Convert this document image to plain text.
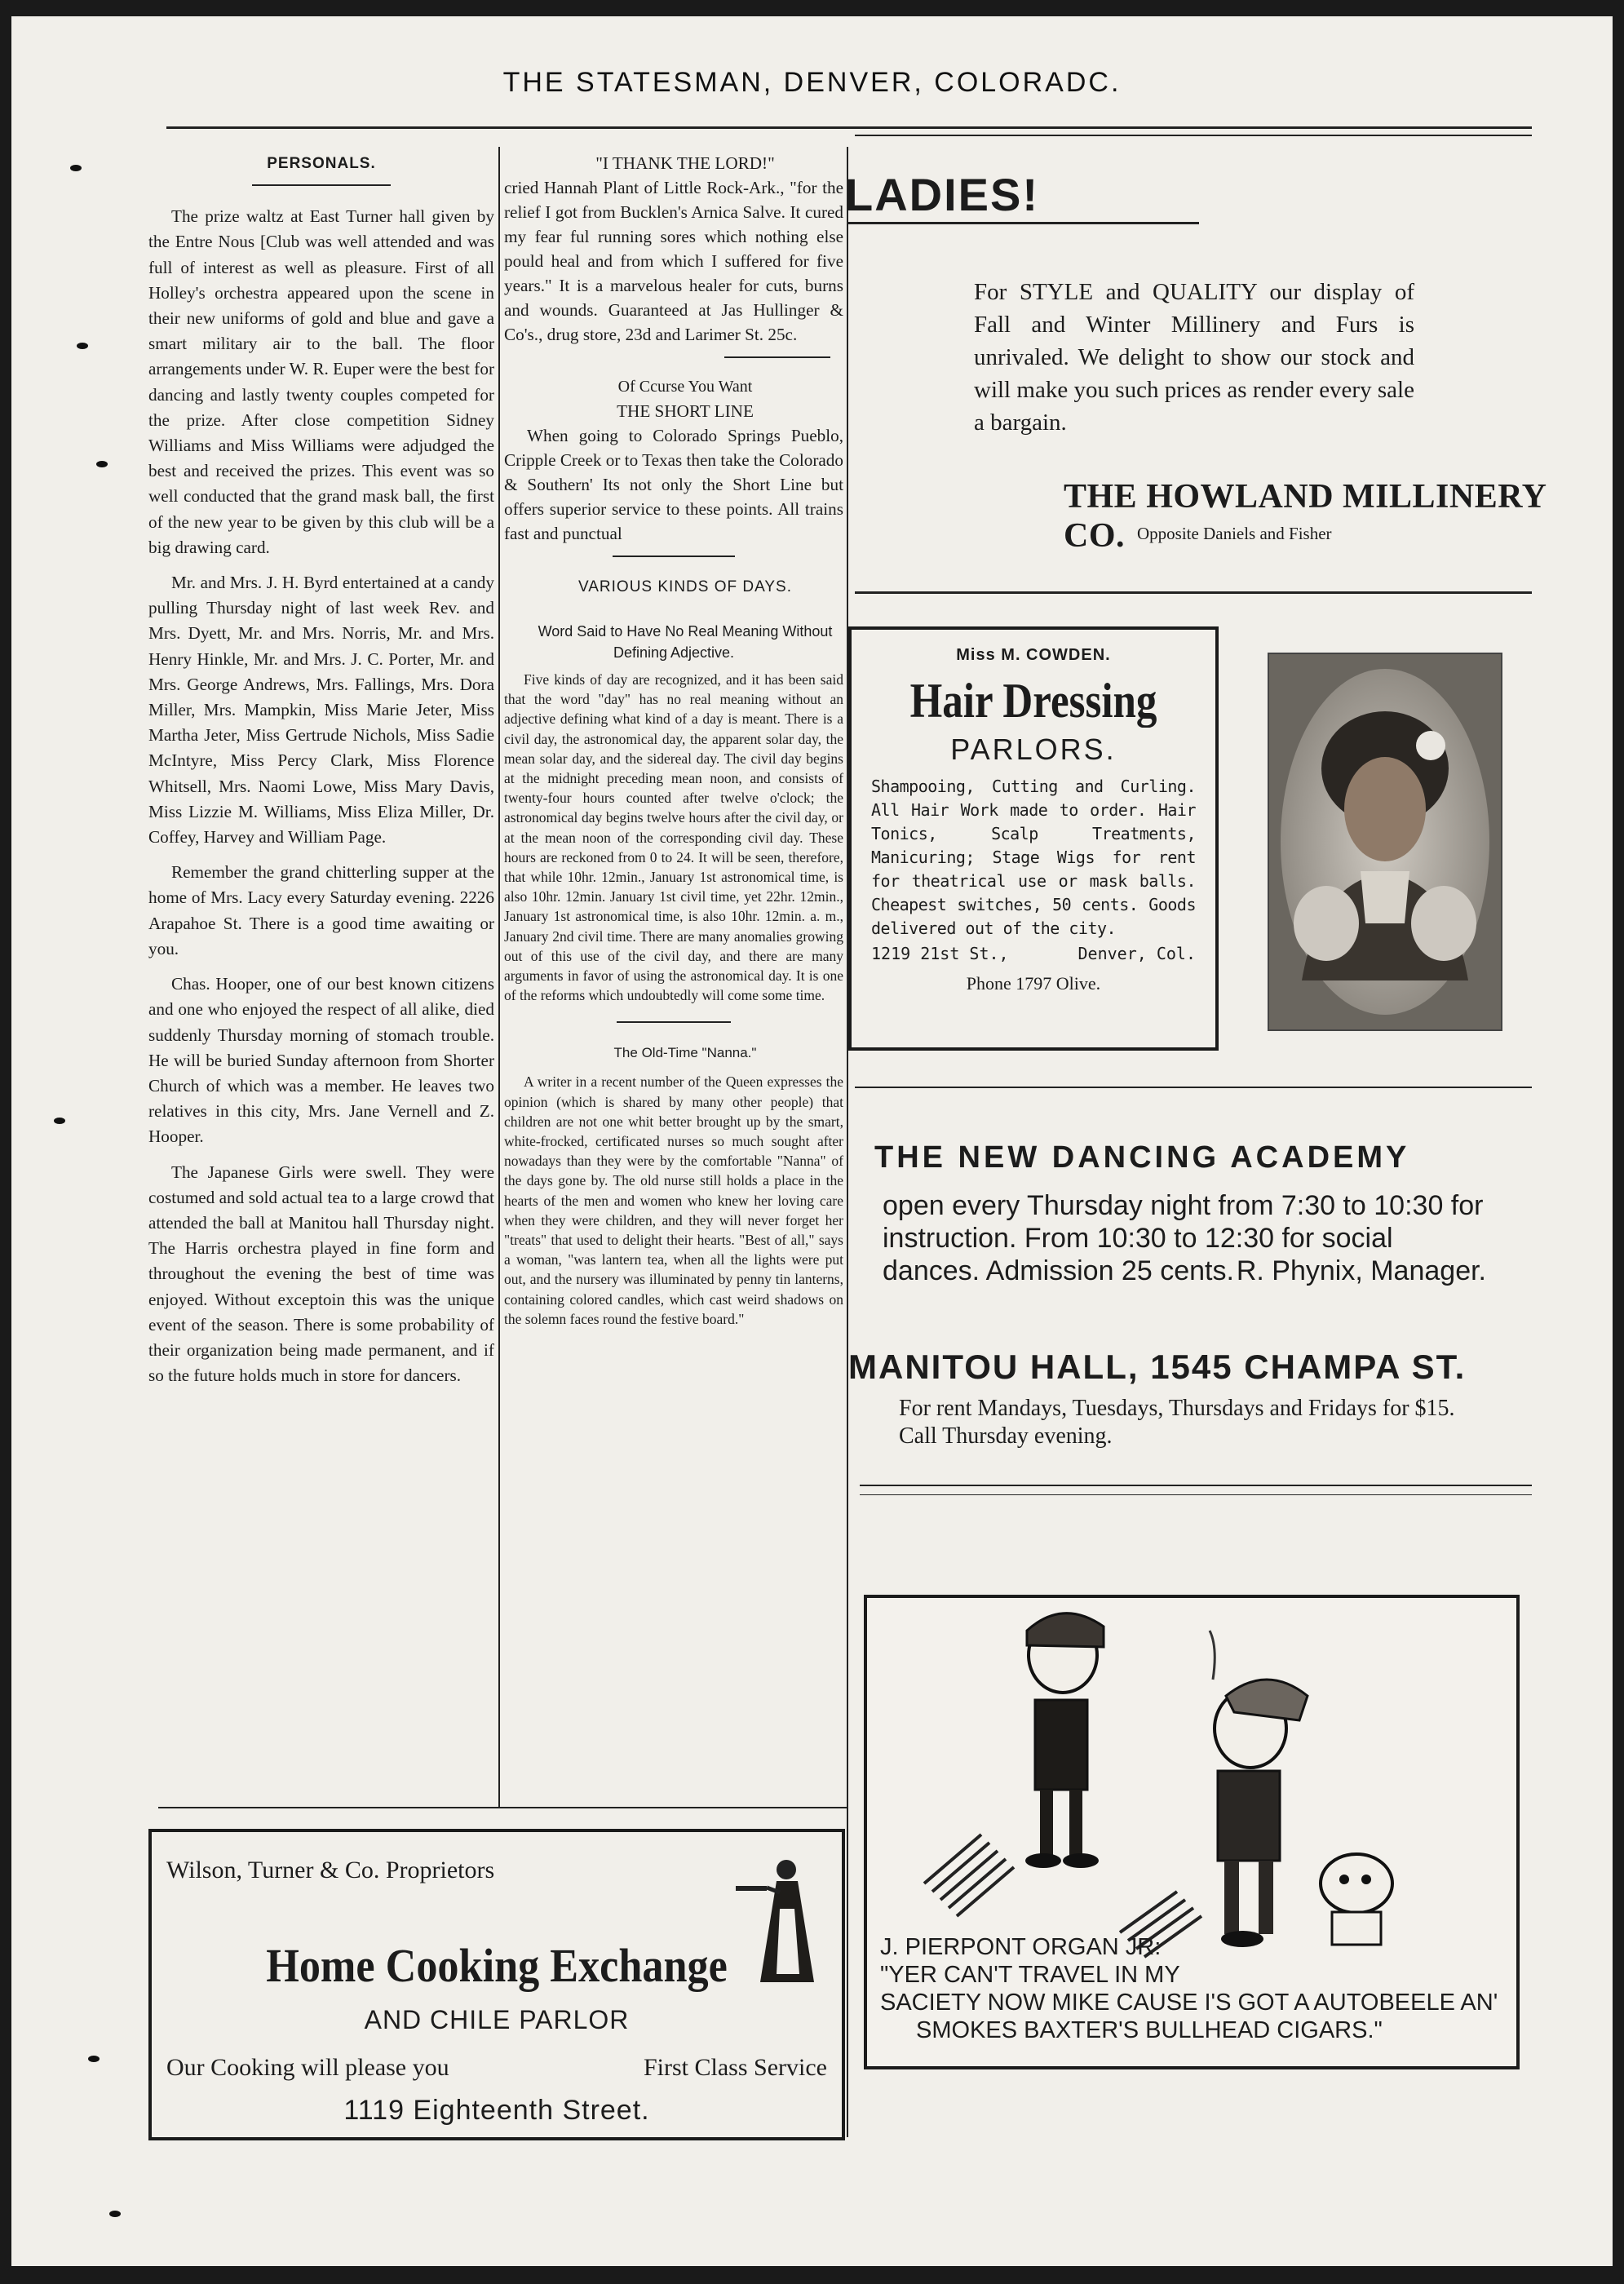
THE STATESMAN, DENVER, COLORADC.
PERSONALS.

The prize waltz at East Turner hall given by the Entre Nous [Club was well attended and was full of interest as well as pleasure. First of all Holley's orchestra appeared upon the scene in their new uniforms of gold and blue and gave a smart military air to the ball. The floor arrangements under W. R. Euper were the best for dancing and lastly twenty couples competed for the prize. After close competition Sidney Williams and Miss Williams were adjudged the best and received the prizes. This event was so well conducted that the grand mask ball, the first of the new year to be given by this club will be a big drawing card.

Mr. and Mrs. J. H. Byrd entertained at a candy pulling Thursday night of last week Rev. and Mrs. Dyett, Mr. and Mrs. Norris, Mr. and Mrs. Henry Hinkle, Mr. and Mrs. J. C. Porter, Mr. and Mrs. George Andrews, Mrs. Fallings, Mrs. Dora Miller, Mrs. Mampkin, Miss Marie Jeter, Miss Martha Jeter, Miss Gertrude Nichols, Miss Sadie McIntyre, Miss Percy Clark, Miss Florence Whitsell, Mrs. Naomi Lowe, Miss Mary Davis, Miss Lizzie M. Williams, Miss Eliza Miller, Dr. Coffey, Harvey and William Page.

Remember the grand chitterling supper at the home of Mrs. Lacy every Saturday evening. 2226 Arapahoe St. There is a good time awaiting or you.

Chas. Hooper, one of our best known citizens and one who enjoyed the respect of all alike, died suddenly Thursday morning of stomach trouble. He will be buried Sunday afternoon from Shorter Church of which was a member. He leaves two relatives in this city, Mrs. Jane Vernell and Z. Hooper.

The Japanese Girls were swell. They were costumed and sold actual tea to a large crowd that attended the ball at Manitou hall Thursday night. The Harris orchestra played in fine form and throughout the evening the best of time was enjoyed. Without exceptoin this was the unique event of the season. There is some probability of their organization being made permanent, and if so the future holds much in store for dancers.

"I THANK THE LORD!"

cried Hannah Plant of Little Rock-Ark., "for the relief I got from Bucklen's Arnica Salve. It cured my fear ful running sores which nothing else pould heal and from which I suffered for five years." It is a marvelous healer for cuts, burns and wounds. Guaranteed at Jas Hullinger & Co's., drug store, 23d and Larimer St. 25c.

Of Ccurse You Want

THE SHORT LINE

When going to Colorado Springs Pueblo, Cripple Creek or to Texas then take the Colorado & Southern' Its not only the Short Line but offers superior service to these points. All trains fast and punctual

VARIOUS KINDS OF DAYS.

Word Said to Have No Real Meaning Without Defining Adjective.

Five kinds of day are recognized, and it has been said that the word "day" has no real meaning without an adjective defining what kind of a day is meant. There is a civil day, the astronomical day, the apparent solar day, the mean solar day, and the sidereal day. The civil day begins at the midnight preceding mean noon, and consists of twenty-four hours counted after twelve o'clock; the astronomical day begins twelve hours after the civil day, or at the mean noon of the corresponding civil day. These hours are reckoned from 0 to 24. It will be seen, therefore, that while 10hr. 12min., January 1st astronomical time, is also 10hr. 12min. January 1st civil time, yet 22hr. 12min., January 1st astronomical time, is also 10hr. 12min. a. m., January 2nd civil time. There are many anomalies growing out of this use of the civil day, and there are many arguments in favor of using the astronomical day. It is one of the reforms which undoubtedly will come some time.

The Old-Time "Nanna."

A writer in a recent number of the Queen expresses the opinion (which is shared by many other people) that children are not one whit better brought up by the smart, white-frocked, certificated nurses so much sought after nowadays than they were by the comfortable "Nanna" of the days gone by. The old nurse still holds a place in the hearts of the men and women who knew her loving care when they were children, and they will never forget her "treats" that used to delight their hearts. "Best of all," says a woman, "was lantern tea, when all the lights were put out, and the nursery was illuminated by penny tin lanterns, containing colored candles, which cast weird shadows on the solemn faces round the festive board."

LADIES!
For STYLE and QUALITY our display of Fall and Winter Millinery and Furs is unrivaled. We delight to show our stock and will make you such prices as render every sale a bargain.
THE HOWLAND MILLINERY CO. Opposite Daniels and Fisher
Miss M. COWDEN.
Hair Dressing
PARLORS.
Shampooing, Cutting and Curling. All Hair Work made to order. Hair Tonics, Scalp Treatments, Manicuring; Stage Wigs for rent for theatrical use or mask balls. Cheapest switches, 50 cents. Goods delivered out of the city.
1219 21st St.,	Denver, Col.
Phone 1797 Olive.
THE NEW DANCING ACADEMY
open every Thursday night from 7:30 to 10:30 for instruction. From 10:30 to 12:30 for social dances. Admission 25 cents. R. Phynix, Manager.
MANITOU HALL, 1545 CHAMPA ST.
For rent Mandays, Tuesdays, Thursdays and Fridays for $15. Call Thursday evening.
J. PIERPONT ORGAN JR:
"YER CAN'T TRAVEL IN MY
SACIETY NOW MIKE CAUSE I'S GOT A AUTOBEELE AN'
SMOKES BAXTER'S BULLHEAD CIGARS."
Wilson, Turner & Co. Proprietors
Home Cooking Exchange
AND CHILE PARLOR
Our Cooking will please you	First Class Service
1119 Eighteenth Street.
